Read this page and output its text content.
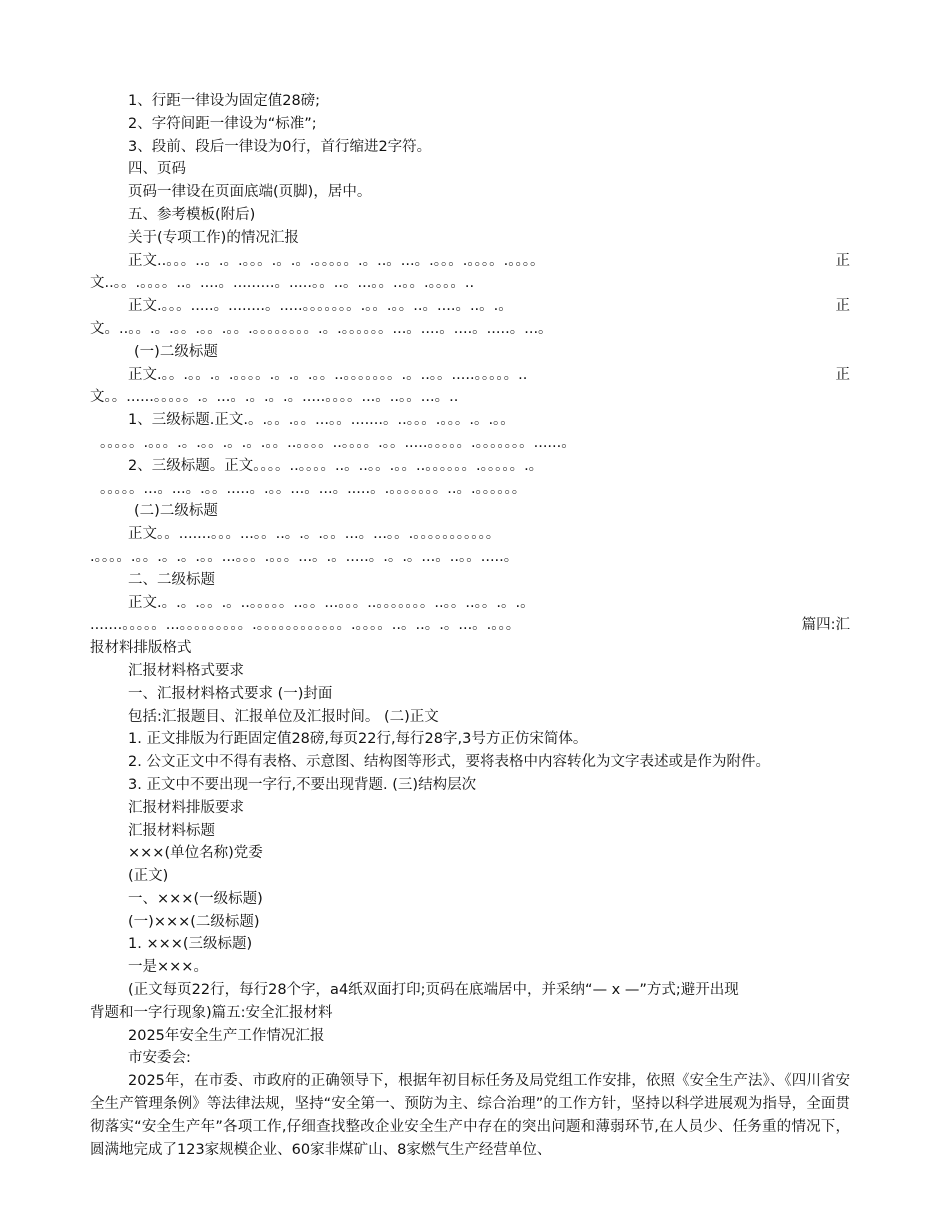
1、行距一律设为固定值28磅;
2、字符间距一律设为“标准”;
3、段前、段后一律设为0行，首行缩进2字符。
四、页码
页码一律设在页面底端(页脚)，居中。
五、参考模板(附后)
关于(专项工作)的情况汇报
正文..。。。..。.。.。。。.。.。.。。。。。.。..。...。.。。。.。。。。.。。。。	正
文..。。.。。。。..。....。.........。.....。。..。...。。..。。.。。。。..
正文.。。。.....。........。.....。。。。。。。.。。.。。..。....。..。.。	正
文。..。。.。.。。.。。.。。.。。。。。。。。.。.。。。。。。...。....。....。.....。...。
(一)二级标题
正文.。。.。。.。.。。。。.。.。.。。..。。。。。。。.。..。。.....。。。。。..	正
文。。......。。。。。.。...。.。.。.。.....。。。。...。..。。...。..
1、三级标题.正文.。.。。.。。...。。.......。..。。。.。。。.。.。。
。。。。。.。。。.。.。。.。.。.。。..。。。。..。。。。.。。.....。。。。。.。。。。。。。......。
2、三级标题。正文。。。。..。。。。..。..。。.。。..。。。。。。.。。。。。.。
。。。。。...。...。.。。.....。.。。...。...。.....。.。。。。。。。..。.。。。。。。
(二)二级标题
正文。。.......。。。...。。..。.。.。。...。...。。.。。。。。。。。。。。
.。。。。.。。.。.。.。。...。。。.。。。...。.。.....。.。.。...。..。。.....。
二、二级标题
正文.。.。.。。.。..。。。。。..。。...。。。..。。。。。。。..。。..。。.。.。
.......。。。。。...。。。。。。。。。.。。。。。。。。。。。。.。。。。..。..。.。...。.。。。	篇四:汇
报材料排版格式
汇报材料格式要求
一、汇报材料格式要求 (一)封面
包括:汇报题目、汇报单位及汇报时间。 (二)正文
1. 正文排版为行距固定值28磅,每页22行,每行28字,3号方正仿宋简体。
2. 公文正文中不得有表格、示意图、结构图等形式，要将表格中内容转化为文字表述或是作为附件。
3. 正文中不要出现一字行,不要出现背题. (三)结构层次
汇报材料排版要求
汇报材料标题
×××(单位名称)党委
(正文)
一、×××(一级标题)
(一)×××(二级标题)
1. ×××(三级标题)
一是×××。
(正文每页22行，每行28个字，a4纸双面打印;页码在底端居中，并采纳“— x —”方式;避开出现
背题和一字行现象)篇五:安全汇报材料
2025年安全生产工作情况汇报
市安委会:
2025年，在市委、市政府的正确领导下，根据年初目标任务及局党组工作安排，依照《安全生产法》、《四川省安全生产管理条例》等法律法规，坚持“安全第一、预防为主、综合治理”的工作方针，坚持以科学进展观为指导，全面贯彻落实“安全生产年”各项工作,仔细查找整改企业安全生产中存在的突出问题和薄弱环节,在人员少、任务重的情况下，圆满地完成了123家规模企业、60家非煤矿山、8家燃气生产经营单位、
